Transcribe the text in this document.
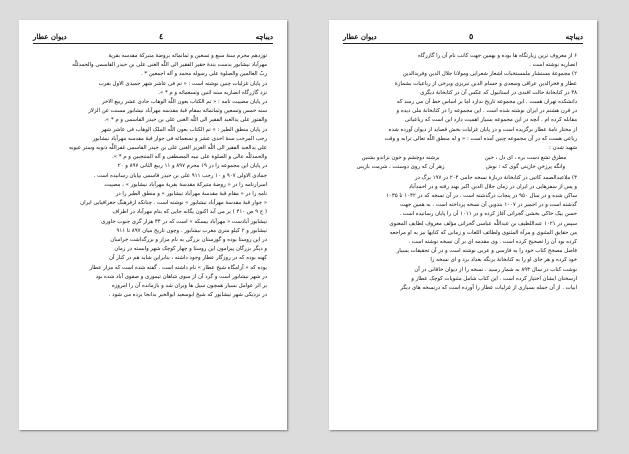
دیوان عطار	٤	دیباچه

توزدهم محرم سنهٔ سبع و تسعین و ثمانمائه بروضهٔ متبرکهٔ مقدسه بقریهٔ

مهرآباد نیشابور بدست بندهٔ حقیر الفقیر الی اللّٰه الغنی علی بن حیدر القاسمی والحمدللّٰه

ربّ العالمین والصلوة علی رسوله محمد و آله اجمعین * .

در پایان غزلیات چنین نوشته است : « تم فی عاشر شهر جمیدی الاول بقرب

نزد گازرگاه انصاریه سنه اثنین وتسعمائه و م * ».

در پایان مصیبت نامه : « تم الکتاب بعون اللّٰه الوهاب حادی عشر ربیع الاخر

سنه خمس وتسعین وثمانمائه بمقام قبهٔ مقدسه مهرآباد نیشابور مسنت عن الزلاز

والفتور علی یدالعبد الفقیر الی اللّٰه الغنی علی بن حیدر القاسمی و م * ».

در پایان منطق الطیر : « تم الکتاب بعون اللّٰه الملک الوهاب فی عاشر شهر

رجب المرجب سنهٔ احدی عشر و تسعمائه فی جوار قبهٔ مقدسه مهرآباد نیشابور

علی یدالعبد الفقیر الی اللّٰه العزیز الغنی علی بن حیدر القاسمی غفراللّٰه ذنوبه وستر عیوبه

والحمدللّٰه عالی و الصلوة علی نبیه المصطفی و آله المنتجبین و م * ».

در پایان این مجموعه را در ۱۹ محرم ۸۹۷ و ۱۱ ربیع الثانی ۸۹۷ و ۲۰

جمادی الاولی ۹۰۷ و ۱۰ رجب ۹۱۱ علی بن حیدر قاسمی بپایان رسانیده است .

اسرارنامه را در « روضهٔ متبرکهٔ مقدسهٔ بقریهٔ مهرآباد نیشابور » ، مصیبت

نامه را در « مقام قبهٔ مقدسهٔ مهرآباد نیشابور » و منطق الطیر را در

« جوار قبهٔ مقدسهٔ مهرآباد نیشابور » نوشته است . چنانکه ازفرهنگ جغرافیایی ایران

( ج ۹ ص ۴۱۰ ) بر می آید اکنون یگانه جایی که بنام مهرآباد در اطراف

نیشابور آبادست « مهرآباد بیسکه » است که در ۳۴ هزار گزی جنوب خاوری

نیشابور و ۲ کیلو متری مغرب نیشابور . وچون تاریخ میان ۸۹۷ تا ۹۱۱

در این روستا بوده و گورستان بزرگی به نام مزار و بزرگداشت خراسان

و دیگر بزرگان پیرامون این روستا و چهار کوچک شهر وابسته در زمان

کهنه بوده که در روزگار عطار وجود داشته ، بنابراین شاید هم در کنار آن

بوده که « آرامگاه شیخ عطار » نام داشته است . گفته شده است که مزار عطار

در شهر نیشابور است و گرد آن از سوی شاهان تیموری و صفوی آباد شده بود

بر اثر عوامل بسیار همچون سیل ها ویران شد و بازمانده آن را امروزه

در نزدیکی شهر نیشابور که شیخ ابوسعید ابوالخیر بدانجا برده می شود .

دیوان عطار	٥	دیباچه

۶ از معروف ترین زیارتگاه ها بوده و بهمین جهت کاتب نام آن را گازرگاه

انصاریه نوشته است .

۲) مجموعهٔ مستشار ملمستخبات اشعار شعرایی ومولانا جلال الدین وفریدالدین

عطار و فخرالدین عراقی وسعدی و حسام الدین تبریزی وبرخی از رباعیات بشمارهٔ

۳۸ در کتابخانهٔ حالت افندی در استانبول که عکس آن در کتابخانهٔ دیگری

دانشکده تهران هست . این مجموعه تاریخ ندارد اما بر اساس خط آن می رسد که

در قرن هشتم در ایران نوشته شده است . این مجموعه را در کتابخانهٔ ملی دیده و

مقابله کرده ام . آنچه در این مجموعه بسیار اهمیت دارد این است که رباعیاتی

از مختار نامهٔ عطار برگزیده است و در پایان غزلیات بخش قصاید از دیوان آورده شده

رباعی هست که در آن مجموعه چنین آمده است : « و له منطق اللّٰه تعالی ترابه و وقت

شهید شدن :

مطرق تشع دست بره ، ای دل ، خین
برشته دوچشم و خون نزاندو بشنین
وانگه پرزخن خازبنی گوی که : نوش
زهر آن که روی دوستت ، شرمت بازبنی

۳) ملاعبدالصمد کاتبی در کتابخانهٔ دربارهٔ نسخه جامی ۲۰۴ در ۱۹۷ برگ در

و پس از سفرهایی در ایران در زمان جلال الدین اکبر بهند رفته و در احمدآباد

ساکن شده و در سال ۹۵۰ در پنجاب درگذشته است . در آن نسخه که در ۱۰۴۲ تا ۱۰۳۵

گذشته است و در اجمیر در ۱۰۰۷ بتدوین آن نسخه پرداخته است . به همین جهت

حسن بیک خاکی بخشی گجراتی آغاز کرده و در ۱۰۱۱ آن را پایان رسانیده است .

سپس در ۱۰۲۱ عبداللطیف بن عبداللّٰه عباسی گجراتی مؤلف معروف لطایف المعنوی

من حقایق المثنوی و مرآة المثنوی ولطائف اللغات و زمانی که کتابها نیز به او مراجعه

کرده بود آن را تصحیح کرده است . وی مقدمه ای بر آن نسخه نوشته است .

فاضل مصحح کتاب خود را به فارسی و عربی نوشته است و در آن تحقیقات بسیار

خود کرده و هر جای او را به کتابخانهٔ برنگه بغداد برد و ای نسخه را

نوشت کتاب در سال ۸۹۳ به شمار رسید . نسخه را از دیوان خاقانی در آن

ازسخنان ایشان اختیار کرده است . این کتاب شامل مثنویات کوچک عطار و

ابیات . از آن جمله بسیاری از غزلیات عطار را آورده است که درنسخه های دیگر
